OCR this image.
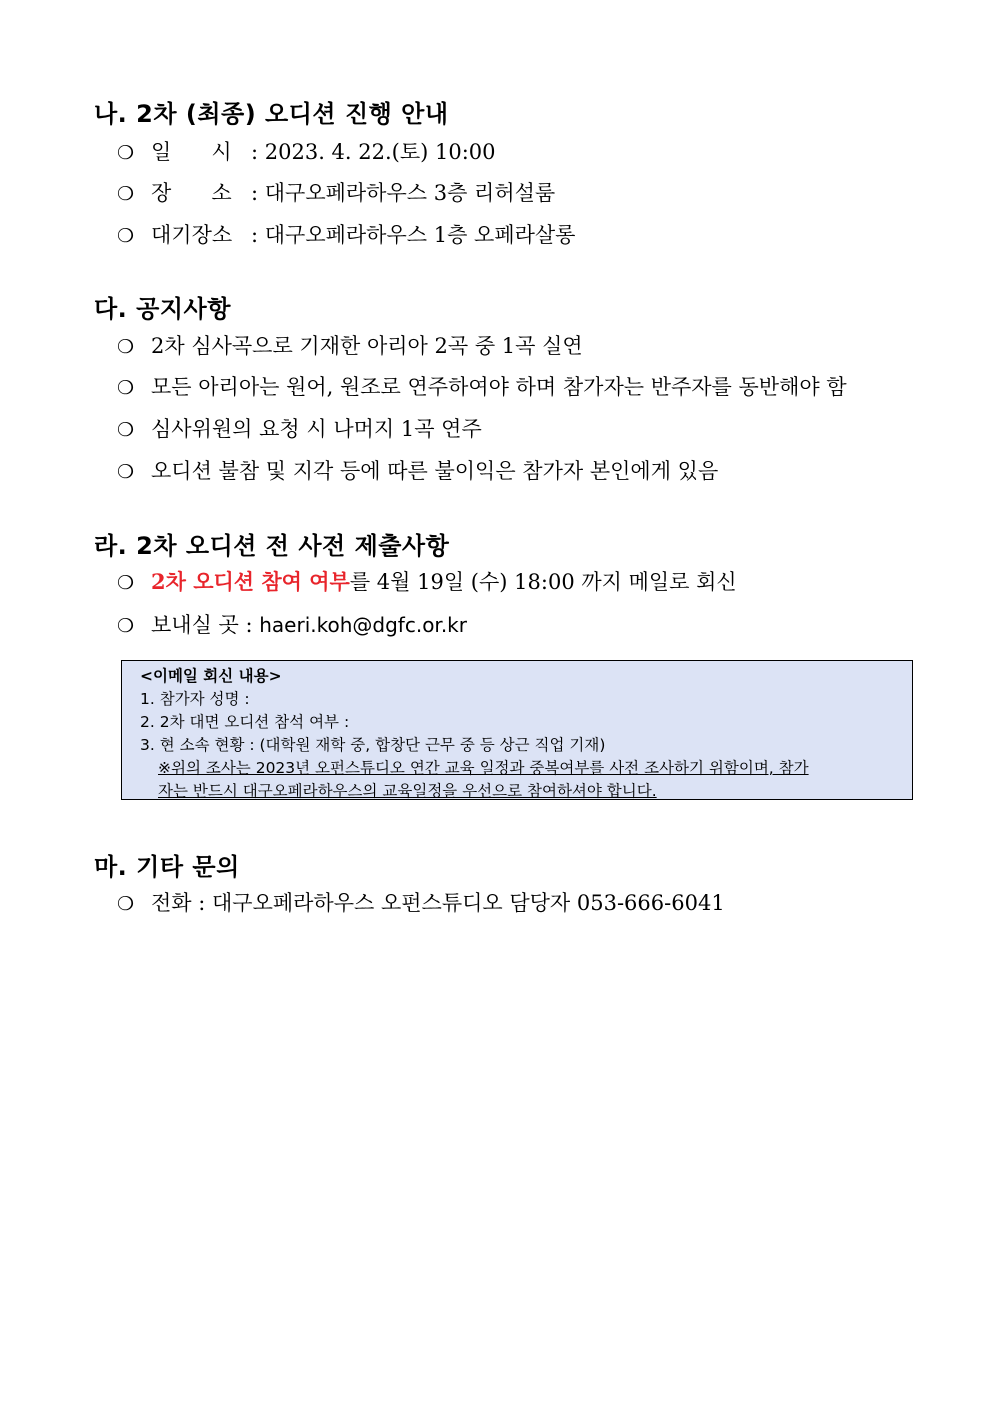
나. 2차 (최종) 오디션 진행 안내
❍ 일      시 : 2023. 4. 22.(토) 10:00
❍ 장      소 : 대구오페라하우스 3층 리허설룸
❍ 대기장소 : 대구오페라하우스 1층 오페라살롱
다. 공지사항
❍ 2차 심사곡으로 기재한 아리아 2곡 중 1곡 실연
❍ 모든 아리아는 원어, 원조로 연주하여야 하며 참가자는 반주자를 동반해야 함
❍ 심사위원의 요청 시 나머지 1곡 연주
❍ 오디션 불참 및 지각 등에 따른 불이익은 참가자 본인에게 있음
라. 2차 오디션 전 사전 제출사항
❍ 2차 오디션 참여 여부를 4월 19일 (수) 18:00 까지 메일로 회신
❍ 보내실 곳 : haeri.koh@dgfc.or.kr
<이메일 회신 내용>
1. 참가자 성명 :
2. 2차 대면 오디션 참석 여부 :
3. 현 소속 현황 : (대학원 재학 중, 합창단 근무 중 등 상근 직업 기재)
※위의 조사는 2023년 오펀스튜디오 연간 교육 일정과 중복여부를 사전 조사하기 위함이며, 참가
자는 반드시 대구오페라하우스의 교육일정을 우선으로 참여하셔야 합니다.
마. 기타 문의
❍ 전화 : 대구오페라하우스 오펀스튜디오 담당자 053-666-6041
